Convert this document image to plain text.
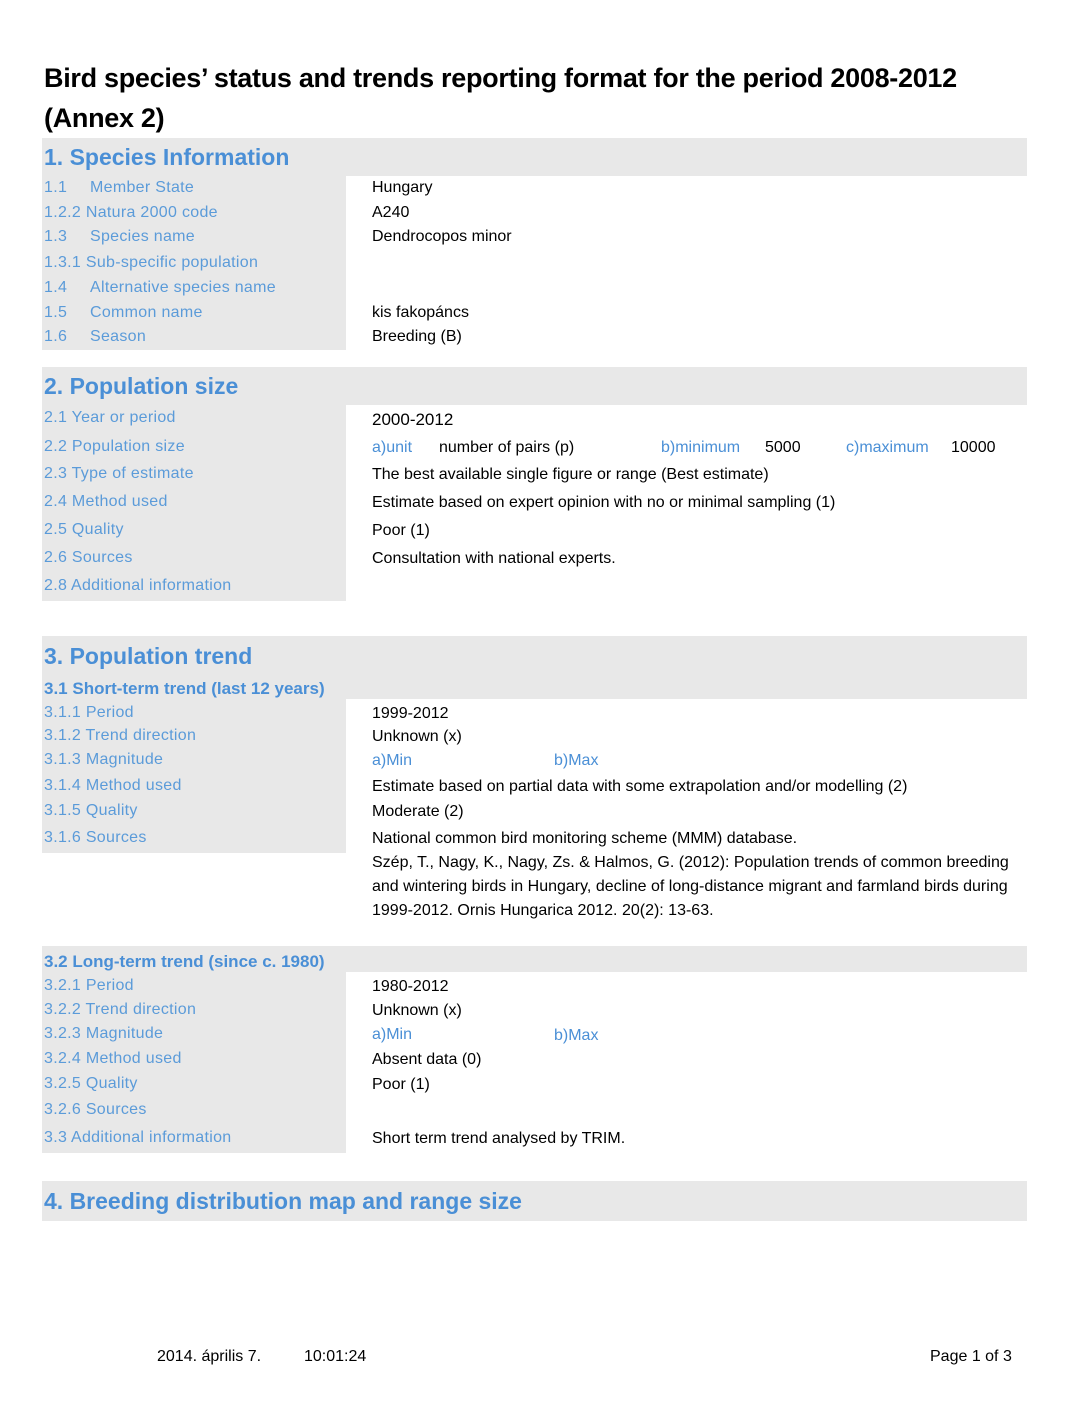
Bird species’ status and trends reporting format for the period 2008-2012 (Annex 2)
1. Species Information
1.1 Member State	Hungary
1.2.2 Natura 2000 code	A240
1.3 Species name	Dendrocopos minor
1.3.1 Sub-specific population
1.4 Alternative species name
1.5 Common name	kis fakopáncs
1.6 Season	Breeding (B)
2. Population size
2.1 Year or period	2000-2012
2.2 Population size	a)unit number of pairs (p)	b)minimum 5000	c)maximum 10000
2.3 Type of estimate	The best available single figure or range (Best estimate)
2.4 Method used	Estimate based on expert opinion with no or minimal sampling (1)
2.5 Quality	Poor (1)
2.6 Sources	Consultation with national experts.
2.8 Additional information
3. Population trend
3.1 Short-term trend (last 12 years)
3.1.1 Period	1999-2012
3.1.2 Trend direction	Unknown (x)
3.1.3 Magnitude	a)Min	b)Max
3.1.4 Method used	Estimate based on partial data with some extrapolation and/or modelling (2)
3.1.5 Quality	Moderate (2)
3.1.6 Sources	National common bird monitoring scheme (MMM) database.
Szép, T., Nagy, K., Nagy, Zs. & Halmos, G. (2012): Population trends of common breeding and wintering birds in Hungary, decline of long-distance migrant and farmland birds during 1999-2012. Ornis Hungarica 2012. 20(2): 13-63.
3.2 Long-term trend (since c. 1980)
3.2.1 Period	1980-2012
3.2.2 Trend direction	Unknown (x)
3.2.3 Magnitude	a)Min	b)Max
3.2.4 Method used	Absent data (0)
3.2.5 Quality	Poor (1)
3.2.6 Sources
3.3 Additional information	Short term trend analysed by TRIM.
4. Breeding distribution map and range size
2014. április 7.	10:01:24	Page 1 of 3
